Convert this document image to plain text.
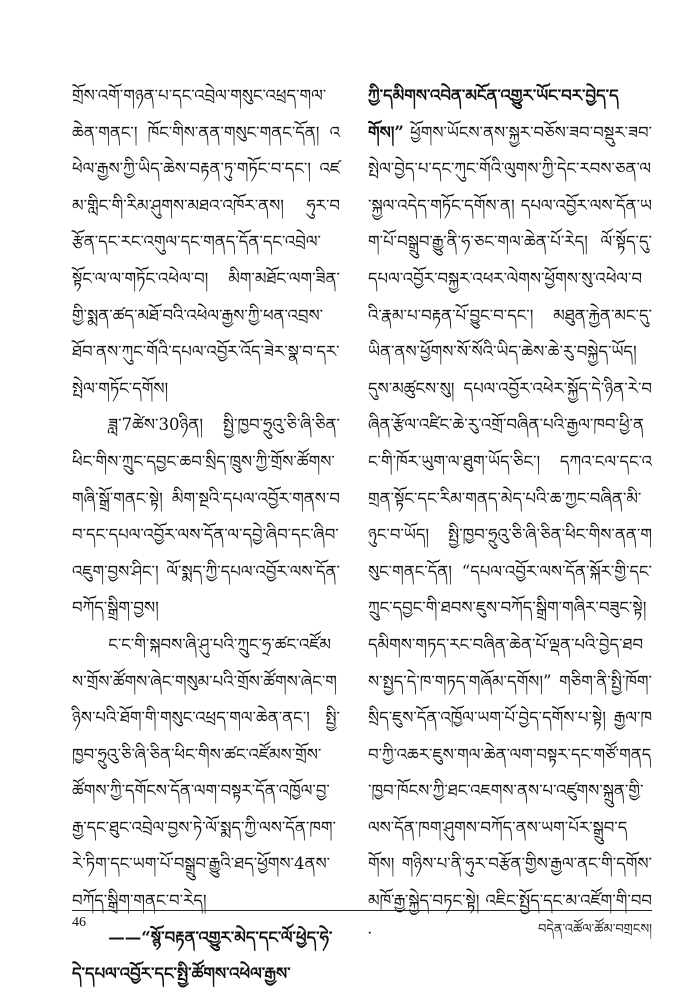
གྲོས་འགོ་གཉན་པ་དང་འབྲེལ་གསུང་འཕྲད་གལ་ཆེན་གནང་། ཁོང་གིས་ནན་གསུང་གནང་དོན། འཕེལ་རྒྱས་ཀྱི་ཡིད་ཆེས་བརྟན་ཏུ་གཏོང་བ་དང་། འཛམ་གླིང་གི་རིམ་ཤུགས་མཐའ་འཁོར་ནས། ཧུར་བརྩོན་དང་རང་འགུལ་དང་གནད་དོན་དང་འབྲེལ་སྟོང་ལ་ལ་གཏོང་འཕེལ་བ། མིག་མཐོང་ལག་ཟིན་གྱི་སྨན་ཚད་མཐོ་བའི་འཕེལ་རྒྱས་ཀྱི་ཕན་འབྲས་ཐོབ་ནས་ཀུང་གོའི་དཔལ་འབྱོར་འོད་ཟེར་སྣ་བ་དར་སྤེལ་གཏོང་དགོས།

ཟླ་7ཚེས་30ཉིན། སྤྱི་ཁྱབ་ཧྲུའུ་ཅི་ཞི་ཅིན་ཕིང་གིས་ཀྲུང་དབྱང་ཆབ་སྲིད་ཁྲུས་ཀྱི་གྲོས་ཚོགས་གཞི་སྒྲོ་གནང་སྟེ། མིག་སྔའི་དཔལ་འབྱོར་གནས་བབ་དང་དཔལ་འབྱོར་ལས་དོན་ལ་དབྱེ་ཞིབ་དང་ཞིབ་འཇུག་བྱས་ཤིང་། ལོ་སྨད་ཀྱི་དཔལ་འབྱོར་ལས་དོན་བཀོད་སྒྲིག་བྱས།

ང་ང་གི་སྐབས་ཞི་ཤུ་པའི་ཀྲུང་ཧྲ་ཚང་འཛོམས་གྲོས་ཚོགས་ཞེང་གསུམ་པའི་གྲོས་ཚོགས་ཞེང་གཉིས་པའི་ཐོག་གི་གསུང་འཕྲད་གལ་ཆེན་ནང་། སྤྱི་ཁྱབ་ཧྲུའུ་ཅི་ཞི་ཅིན་ཕིང་གིས་ཚང་འཛོམས་གྲོས་ཚོགས་ཀྱི་དགོངས་དོན་ལག་བསྟར་དོན་འཁྱོལ་བྱ་རྒྱ་དང་ཐུང་འབྲེལ་བྱས་ཏེ་ལོ་སྨད་ཀྱི་ལས་དོན་ཁག་རེ་ཏིག་དང་ཡག་པོ་བསྒྲུབ་རྒྱུའི་ཐད་ཕྱོགས་4ནས་བཀོད་སྒྲིག་གནང་བ་རེད།

——“སྙོ་བརྟན་འགྱུར་མེད་དང་ལོ་ཕྱེད་ཧེ་དེ་དཔལ་འབྱོར་དང་སྤྱི་ཚོགས་འཕེལ་རྒྱས་

ཀྱི་དམིགས་འབེན་མངོན་འགྱུར་ཡོང་བར་བྱེད་དགོས།” ཕྱོགས་ཡོངས་ནས་སྐྱར་བཅོས་ཟབ་བསྡུར་ཟབ་སྤེལ་བྱེད་པ་དང་ཀུང་གོའི་ལུགས་ཀྱི་དེང་རབས་ཅན་ལ་སྐྱལ་འདེད་གཏོང་དགོས་ན། དཔལ་འབྱོར་ལས་དོན་ཡག་པོ་བསྒྲུབ་རྒྱུ་ནི་ཧ་ཅང་གལ་ཆེན་པོ་རེད། ལོ་སྟོད་དུ་དཔལ་འབྱོར་བསྐྱར་འཕར་ལེགས་ཕྱོགས་སུ་འཕེལ་བའི་རྣམ་པ་བརྟན་པོ་བྱུང་བ་དང་། མཐུན་རྐྱེན་མང་དུ་ཡིན་ནས་ཕྱོགས་སོ་སོའི་ཡིད་ཆེས་ཆེ་རུ་བསྐྱེད་ཡོད། དུས་མཚུངས་སུ། དཔལ་འབྱོར་འཕེར་སྐྱོད་དེ་ཉིན་རེ་བཞིན་རྩོལ་འཛིང་ཆེ་རུ་འགྲོ་བཞིན་པའི་རྒྱལ་ཁབ་ཕྱི་ནང་གི་ཁོར་ཡུག་ལ་ཐུག་ཡོད་ཅིང་། དཀའ་ངལ་དང་འགྲན་སྟོང་དང་རིམ་གནད་མེད་པའི་ཆ་ཀྱང་བཞིན་མི་ཉུང་བ་ཡོད། སྤྱི་ཁྱབ་ཧྲུའུ་ཅི་ཞི་ཅིན་ཕིང་གིས་ནན་གསུང་གནང་དོན། “དཔལ་འབྱོར་ལས་དོན་སྐོར་གྱི་དང་ཀྲུང་དབྱང་གི་ཐབས་ཇུས་བཀོད་སྒྲིག་གཞིར་བཟུང་སྟེ། དམིགས་གཏད་རང་བཞིན་ཆེན་པོ་ལྡན་པའི་བྱེད་ཐབས་སྤྱད་དེ་ཁ་གཏད་གཞོམ་དགོས།” གཅིག་ནི་སྤྱི་ཁོག་སྲིད་ཇུས་དོན་འཁྱོལ་ཡག་པོ་བྱེད་དགོས་པ་སྟེ། རྒྱལ་ཁབ་ཀྱི་འཆར་ཇུས་གལ་ཆེན་ལག་བསྟར་དང་གཙོ་གནད་ཁྱབ་ཁོངས་ཀྱི་ཐང་འཇགས་ནས་པ་འཛུགས་སྐྲུན་གྱི་ལས་དོན་ཁག་ཤུགས་བཀོད་ནས་ཡག་པོར་སྒྲུབ་དགོས། གཉིས་པ་ནི་ཧུར་བརྩོན་གྱིས་རྒྱལ་ནང་གི་དགོས་མཁོ་རྒྱ་སྐྱེད་བཏང་སྟེ། འཇིང་སྤྱོད་དང་མ་འཛོག་གི་བབ་

46	བདེན་འཚོལ་ཚོམ་བགྲངས།
